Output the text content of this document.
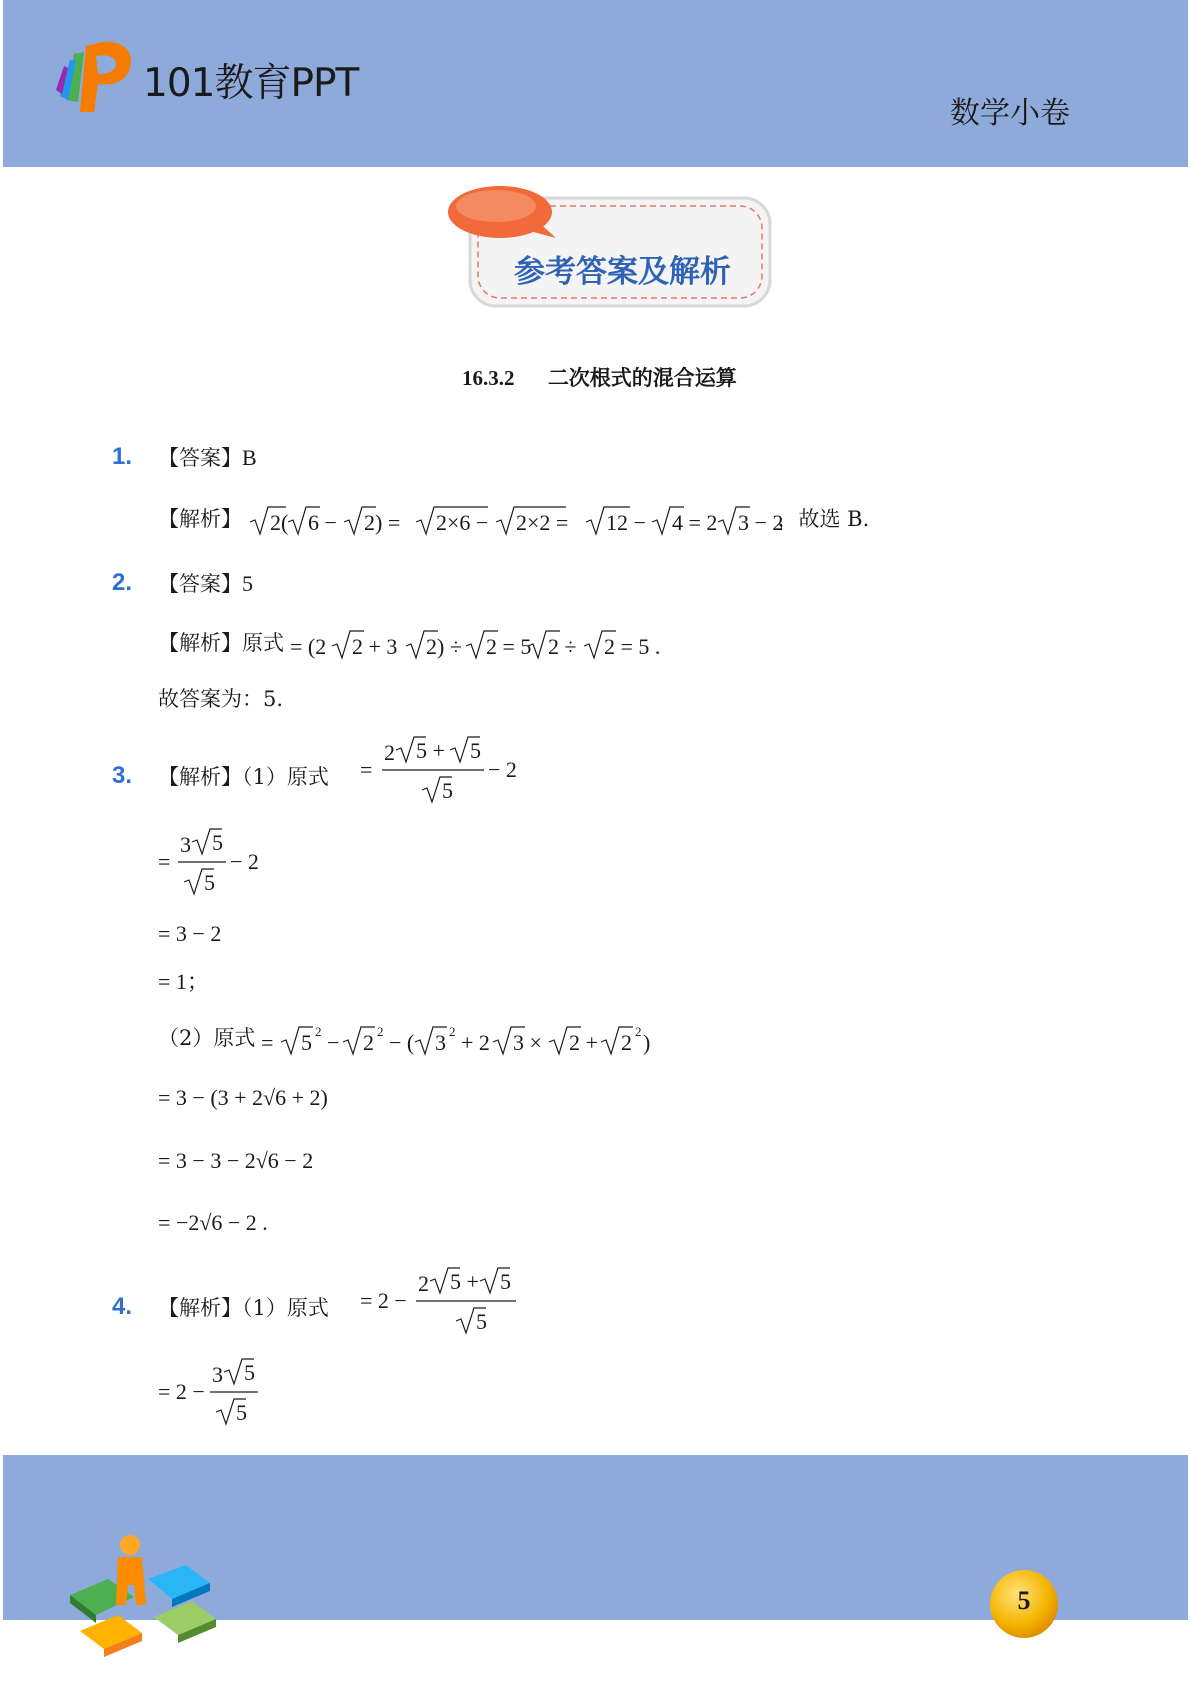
101教育PPT
数学小卷
参考答案及解析
16.3.2 二次根式的混合运算
1. 【答案】B
【解析】 2( 6 − 2) = 2×6 − 2×2 = 12 − 4 = 2 3 − 2
，故选 B.
2. 【答案】5
【解析】原式 = (2 2 + 3 2) ÷ 2 = 5 2 ÷ 2 = 5 .
故答案为：5.
3. 【解析】（1）原式 =
2 5 + 5
5
− 2
=
3 5
5
− 2
= 3 − 2
= 1；
（2）原式 = 5 2 − 2 2 − ( 3 2 + 2 3 × 2 + 2 2 )
= 3 − (3 + 2√6 + 2)
= 3 − 3 − 2√6 − 2
= −2√6 − 2 .
4. 【解析】（1）原式 = 2 −
2 5 + 5
5
= 2 −
3 5
5
5
